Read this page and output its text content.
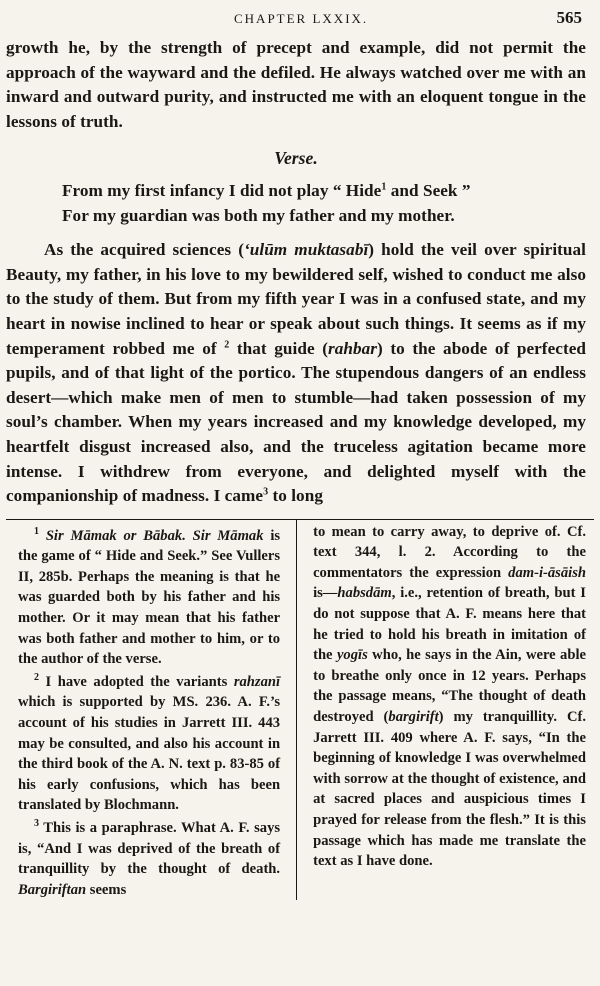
CHAPTER LXXIX.	565

growth he, by the strength of precept and example, did not permit the approach of the wayward and the defiled. He always watched over me with an inward and outward purity, and instructed me with an eloquent tongue in the lessons of truth.

Verse.

From my first infancy I did not play “ Hide$^1$ and Seek ”

For my guardian was both my father and my mother.

As the acquired sciences (‘ulūm muktasabī) hold the veil over spiritual Beauty, my father, in his love to my bewildered self, wished to conduct me also to the study of them. But from my fifth year I was in a confused state, and my heart in nowise inclined to hear or speak about such things. It seems as if my temperament robbed me of $^2$ that guide (rahbar) to the abode of perfected pupils, and of that light of the portico. The stupendous dangers of an endless desert—which make men of men to stumble—had taken possession of my soul’s chamber. When my years increased and my knowledge developed, my heartfelt disgust increased also, and the truceless agitation became more intense. I withdrew from everyone, and delighted myself with the companionship of madness. I came$^3$ to long

$^1$ Sir Māmak or Bābak. Sir Māmak is the game of “ Hide and Seek.” See Vullers II, 285b. Perhaps the meaning is that he was guarded both by his father and his mother. Or it may mean that his father was both father and mother to him, or to the author of the verse.

$^2$ I have adopted the variants rahzanī which is supported by MS. 236. A. F.’s account of his studies in Jarrett III. 443 may be consulted, and also his account in the third book of the A. N. text p. 83-85 of his early confusions, which has been translated by Blochmann.

$^3$ This is a paraphrase. What A. F. says is, “And I was deprived of the breath of tranquillity by the thought of death. Bargiriftan seems

to mean to carry away, to deprive of. Cf. text 344, l. 2. According to the commentators the expression dam-i-āsāish is—habsdām, i.e., retention of breath, but I do not suppose that A. F. means here that he tried to hold his breath in imitation of the yogīs who, he says in the Ain, were able to breathe only once in 12 years. Perhaps the passage means, “The thought of death destroyed (bargirift) my tranquillity. Cf. Jarrett III. 409 where A. F. says, “In the beginning of knowledge I was overwhelmed with sorrow at the thought of existence, and at sacred places and auspicious times I prayed for release from the flesh.” It is this passage which has made me translate the text as I have done.
